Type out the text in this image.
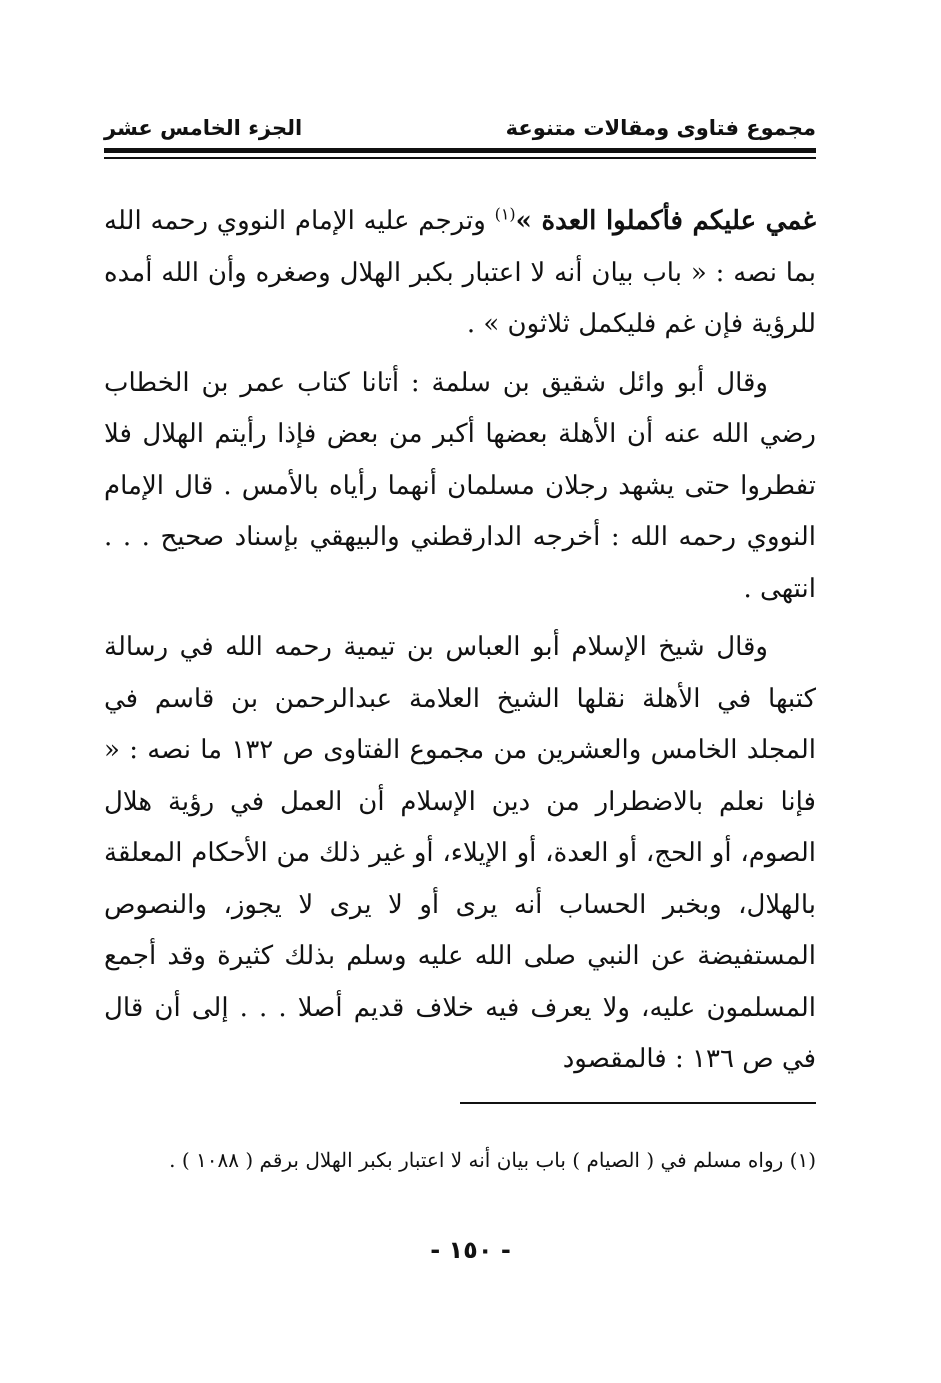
مجموع فتاوى ومقالات متنوعة
الجزء الخامس عشر

غمي عليكم فأكملوا العدة »$^{(١)}$ وترجم عليه الإمام النووي رحمه الله بما نصه : « باب بيان أنه لا اعتبار بكبر الهلال وصغره وأن الله أمده للرؤية فإن غم فليكمل ثلاثون » .

وقال أبو وائل شقيق بن سلمة : أتانا كتاب عمر بن الخطاب رضي الله عنه أن الأهلة بعضها أكبر من بعض فإذا رأيتم الهلال فلا تفطروا حتى يشهد رجلان مسلمان أنهما رأياه بالأمس . قال الإمام النووي رحمه الله : أخرجه الدارقطني والبيهقي بإسناد صحيح . . . انتهى .

وقال شيخ الإسلام أبو العباس بن تيمية رحمه الله في رسالة كتبها في الأهلة نقلها الشيخ العلامة عبدالرحمن بن قاسم في المجلد الخامس والعشرين من مجموع الفتاوى ص ١٣٢ ما نصه : « فإنا نعلم بالاضطرار من دين الإسلام أن العمل في رؤية هلال الصوم، أو الحج، أو العدة، أو الإيلاء، أو غير ذلك من الأحكام المعلقة بالهلال، وبخبر الحساب أنه يرى أو لا يرى لا يجوز، والنصوص المستفيضة عن النبي صلى الله عليه وسلم بذلك كثيرة وقد أجمع المسلمون عليه، ولا يعرف فيه خلاف قديم أصلا . . . إلى أن قال في ص ١٣٦ : فالمقصود

(١) رواه مسلم في ( الصيام ) باب بيان أنه لا اعتبار بكبر الهلال برقم ( ١٠٨٨ ) .

- ١٥٠ -
